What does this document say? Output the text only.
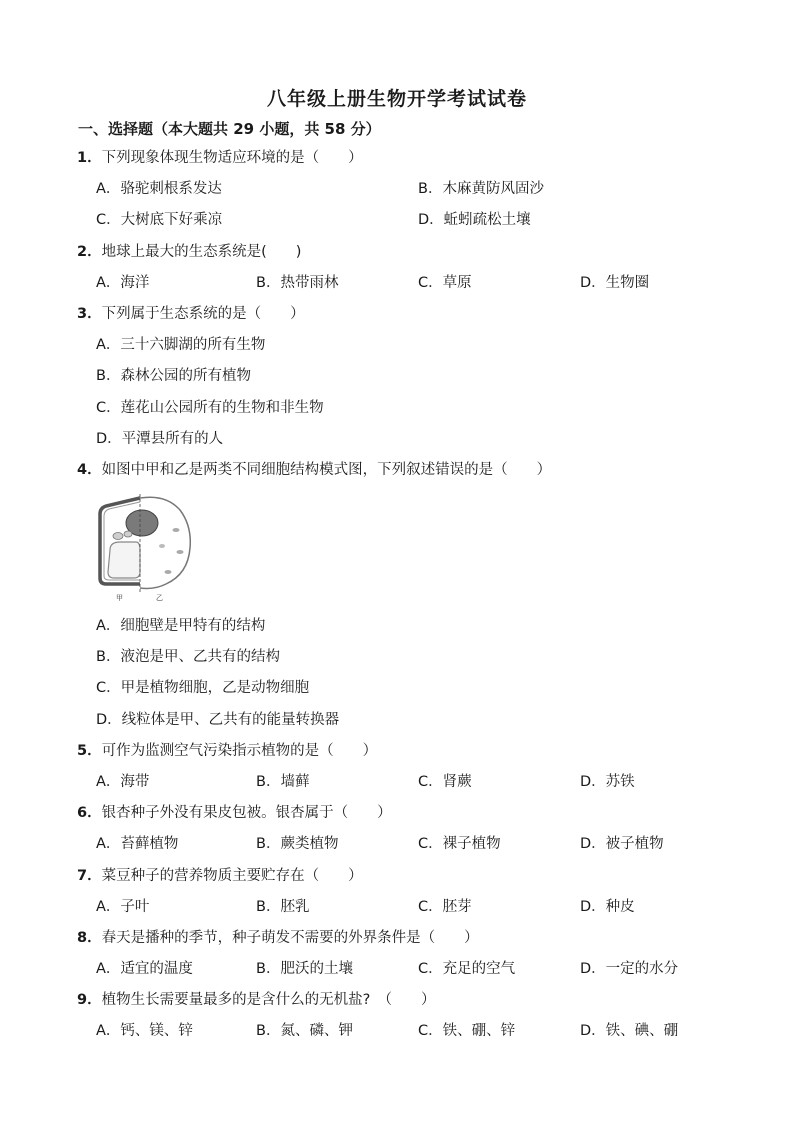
八年级上册生物开学考试试卷
一、选择题（本大题共 29 小题，共 58 分）
1．下列现象体现生物适应环境的是（　　）
A．骆驼刺根系发达	B．木麻黄防风固沙
C．大树底下好乘凉	D．蚯蚓疏松土壤
2．地球上最大的生态系统是(　　)
A．海洋	B．热带雨林	C．草原	D．生物圈
3．下列属于生态系统的是（　　）
A．三十六脚湖的所有生物
B．森林公园的所有植物
C．莲花山公园所有的生物和非生物
D．平潭县所有的人
4．如图中甲和乙是两类不同细胞结构模式图，下列叙述错误的是（　　）
甲	乙
A．细胞壁是甲特有的结构
B．液泡是甲、乙共有的结构
C．甲是植物细胞，乙是动物细胞
D．线粒体是甲、乙共有的能量转换器
5．可作为监测空气污染指示植物的是（　　）
A．海带	B．墙藓	C．肾蕨	D．苏铁
6．银杏种子外没有果皮包被。银杏属于（　　）
A．苔藓植物	B．蕨类植物	C．裸子植物	D．被子植物
7．菜豆种子的营养物质主要贮存在（　　）
A．子叶	B．胚乳	C．胚芽	D．种皮
8．春天是播种的季节，种子萌发不需要的外界条件是（　　）
A．适宜的温度	B．肥沃的土壤	C．充足的空气	D．一定的水分
9．植物生长需要量最多的是含什么的无机盐?　（　　）
A．钙、镁、锌	B．氮、磷、钾	C．铁、硼、锌	D．铁、碘、硼
